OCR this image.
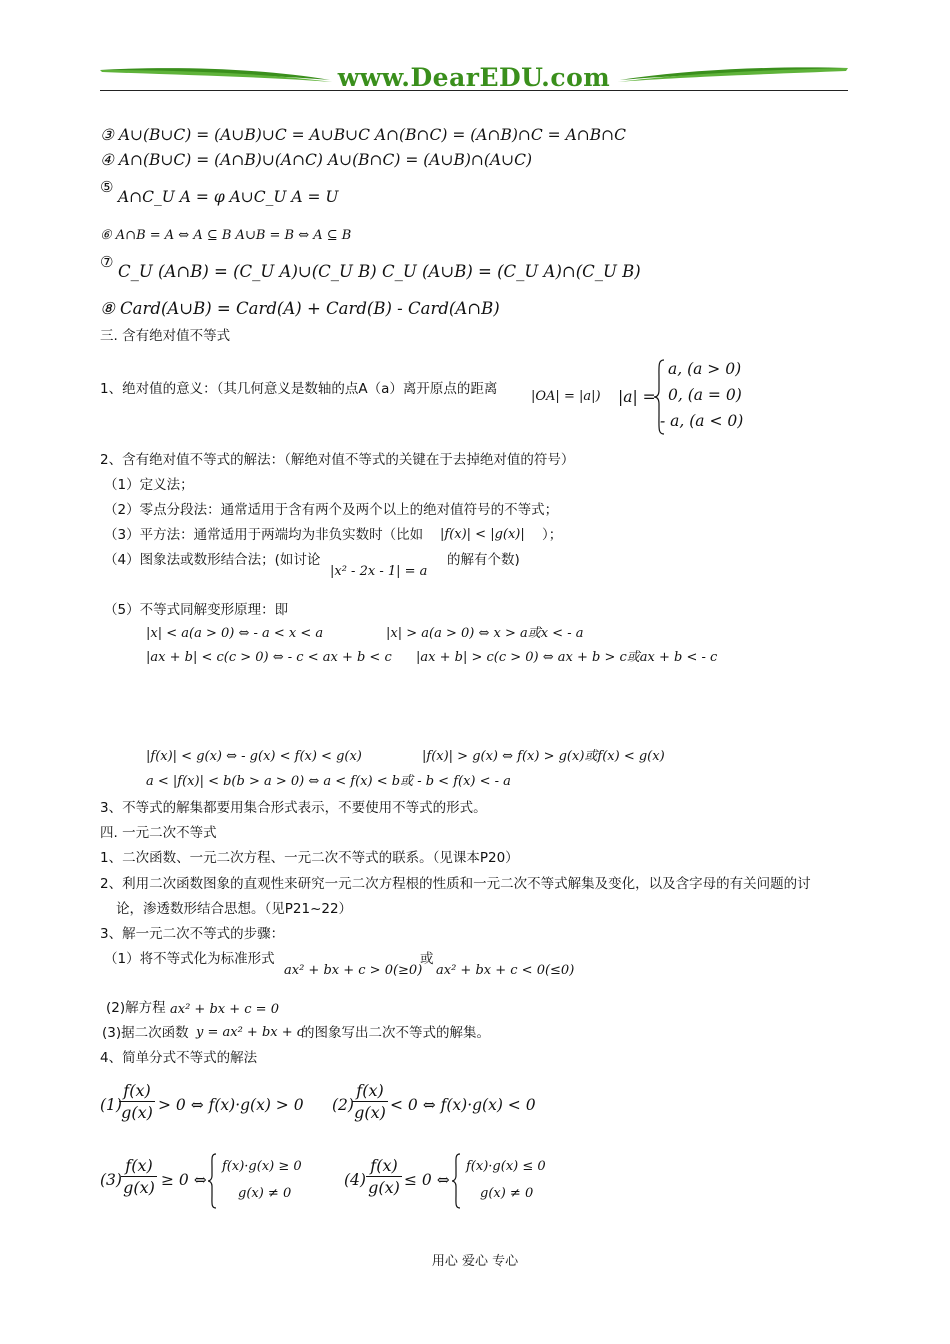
www.DearEDU.com
③ A∪(B∪C) = (A∪B)∪C = A∪B∪C A∩(B∩C) = (A∩B)∩C = A∩B∩C
④ A∩(B∪C) = (A∩B)∪(A∩C) A∪(B∩C) = (A∪B)∩(A∪C)
⑤
A∩C_U A = φ A∪C_U A = U
⑥ A∩B = A ⇔ A ⊆ B A∪B = B ⇔ A ⊆ B
⑦ C_U (A∩B) = (C_U A)∪(C_U B) C_U (A∪B) = (C_U A)∩(C_U B)
⑧ Card(A∪B) = Card(A) + Card(B) - Card(A∩B)
三. 含有绝对值不等式
1、绝对值的意义：（其几何意义是数轴的点A（a）离开原点的距离	|OA| = |a|) |a| =
a, (a > 0)
0, (a = 0)
- a, (a < 0)
2、含有绝对值不等式的解法：（解绝对值不等式的关键在于去掉绝对值的符号）
（1）定义法；
（2）零点分段法：通常适用于含有两个及两个以上的绝对值符号的不等式；
（3）平方法：通常适用于两端均为非负实数时（比如 |f(x)| < |g(x)| ）；
（4）图象法或数形结合法；(如讨论
|x² - 2x - 1| = a
的解有个数)
（5）不等式同解变形原理：即
|x| < a(a > 0) ⇔ - a < x < a	|x| > a(a > 0) ⇔ x > a或x < - a
|ax + b| < c(c > 0) ⇔ - c < ax + b < c |ax + b| > c(c > 0) ⇔ ax + b > c或ax + b < - c
|f(x)| < g(x) ⇔ - g(x) < f(x) < g(x)	|f(x)| > g(x) ⇔ f(x) > g(x)或f(x) < g(x)
a < |f(x)| < b(b > a > 0) ⇔ a < f(x) < b或 - b < f(x) < - a
3、不等式的解集都要用集合形式表示，不要使用不等式的形式。
四. 一元二次不等式
1、二次函数、一元二次方程、一元二次不等式的联系。（见课本P20）
2、利用二次函数图象的直观性来研究一元二次方程根的性质和一元二次不等式解集及变化，以及含字母的有关问题的讨
论，渗透数形结合思想。（见P21~22）
3、解一元二次不等式的步骤：
（1）将不等式化为标准形式
ax² + bx + c > 0(≥0)
或
ax² + bx + c < 0(≤0)
(2)解方程 ax² + bx + c = 0
(3)据二次函数 y = ax² + bx + c
的图象写出二次不等式的解集。
4、简单分式不等式的解法
(1)
f(x)
g(x) > 0 ⇔ f(x)·g(x) > 0 (2)
f(x)
g(x) < 0 ⇔ f(x)·g(x) < 0
(3)
f(x)
g(x) ≥ 0 ⇔
f(x)·g(x) ≥ 0
g(x) ≠ 0
(4)
f(x)
g(x) ≤ 0 ⇔
f(x)·g(x) ≤ 0
g(x) ≠ 0
用心 爱心 专心
